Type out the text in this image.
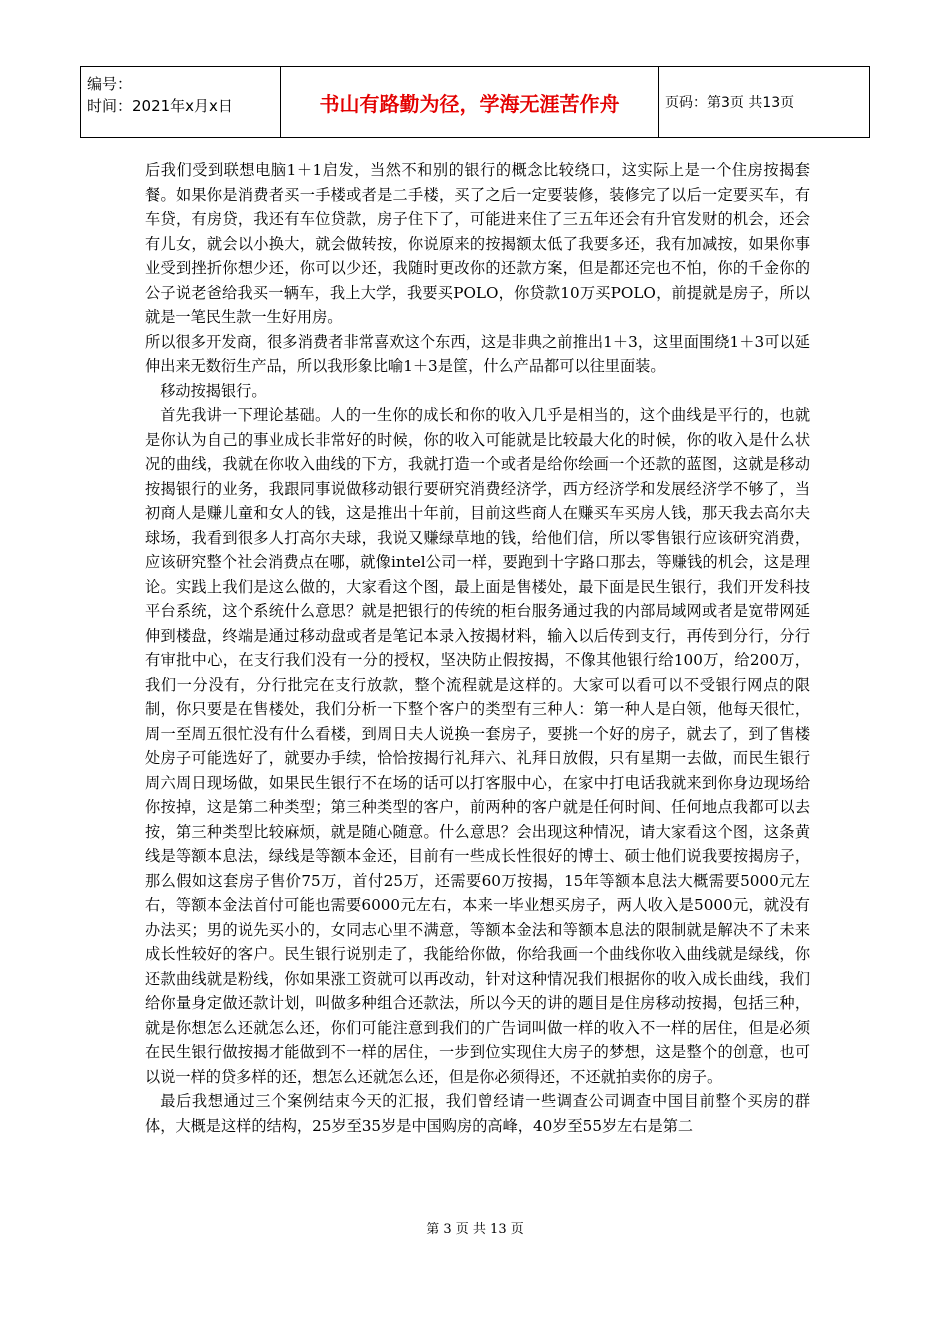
编号：
时间：2021年x月x日	书山有路勤为径，学海无涯苦作舟	页码：第3页 共13页

后我们受到联想电脑1＋1启发，当然不和别的银行的概念比较绕口，这实际上是一个住房按揭套餐。如果你是消费者买一手楼或者是二手楼，买了之后一定要装修，装修完了以后一定要买车，有车贷，有房贷，我还有车位贷款，房子住下了，可能进来住了三五年还会有升官发财的机会，还会有儿女，就会以小换大，就会做转按，你说原来的按揭额太低了我要多还，我有加减按，如果你事业受到挫折你想少还，你可以少还，我随时更改你的还款方案，但是都还完也不怕，你的千金你的公子说老爸给我买一辆车，我上大学，我要买POLO，你贷款10万买POLO，前提就是房子，所以就是一笔民生款一生好用房。

所以很多开发商，很多消费者非常喜欢这个东西，这是非典之前推出1＋3，这里面围绕1＋3可以延伸出来无数衍生产品，所以我形象比喻1＋3是筐，什么产品都可以往里面装。

移动按揭银行。

首先我讲一下理论基础。人的一生你的成长和你的收入几乎是相当的，这个曲线是平行的，也就是你认为自己的事业成长非常好的时候，你的收入可能就是比较最大化的时候，你的收入是什么状况的曲线，我就在你收入曲线的下方，我就打造一个或者是给你绘画一个还款的蓝图，这就是移动按揭银行的业务，我跟同事说做移动银行要研究消费经济学，西方经济学和发展经济学不够了，当初商人是赚儿童和女人的钱，这是推出十年前，目前这些商人在赚买车买房人钱，那天我去高尔夫球场，我看到很多人打高尔夫球，我说又赚绿草地的钱，给他们信，所以零售银行应该研究消费，应该研究整个社会消费点在哪，就像intel公司一样，要跑到十字路口那去，等赚钱的机会，这是理论。实践上我们是这么做的，大家看这个图，最上面是售楼处，最下面是民生银行，我们开发科技平台系统，这个系统什么意思？就是把银行的传统的柜台服务通过我的内部局域网或者是宽带网延伸到楼盘，终端是通过移动盘或者是笔记本录入按揭材料，输入以后传到支行，再传到分行，分行有审批中心，在支行我们没有一分的授权，坚决防止假按揭，不像其他银行给100万，给200万，我们一分没有，分行批完在支行放款，整个流程就是这样的。大家可以看可以不受银行网点的限制，你只要是在售楼处，我们分析一下整个客户的类型有三种人：第一种人是白领，他每天很忙，周一至周五很忙没有什么看楼，到周日夫人说换一套房子，要挑一个好的房子，就去了，到了售楼处房子可能选好了，就要办手续，恰恰按揭行礼拜六、礼拜日放假，只有星期一去做，而民生银行周六周日现场做，如果民生银行不在场的话可以打客服中心，在家中打电话我就来到你身边现场给你按掉，这是第二种类型；第三种类型的客户，前两种的客户就是任何时间、任何地点我都可以去按，第三种类型比较麻烦，就是随心随意。什么意思？会出现这种情况，请大家看这个图，这条黄线是等额本息法，绿线是等额本金还，目前有一些成长性很好的博士、硕士他们说我要按揭房子，那么假如这套房子售价75万，首付25万，还需要60万按揭，15年等额本息法大概需要5000元左右，等额本金法首付可能也需要6000元左右，本来一毕业想买房子，两人收入是5000元，就没有办法买；男的说先买小的，女同志心里不满意，等额本金法和等额本息法的限制就是解决不了未来成长性较好的客户。民生银行说别走了，我能给你做，你给我画一个曲线你收入曲线就是绿线，你还款曲线就是粉线，你如果涨工资就可以再改动，针对这种情况我们根据你的收入成长曲线，我们给你量身定做还款计划，叫做多种组合还款法，所以今天的讲的题目是住房移动按揭，包括三种，就是你想怎么还就怎么还，你们可能注意到我们的广告词叫做一样的收入不一样的居住，但是必须在民生银行做按揭才能做到不一样的居住，一步到位实现住大房子的梦想，这是整个的创意，也可以说一样的贷多样的还，想怎么还就怎么还，但是你必须得还，不还就拍卖你的房子。

最后我想通过三个案例结束今天的汇报，我们曾经请一些调查公司调查中国目前整个买房的群体，大概是这样的结构，25岁至35岁是中国购房的高峰，40岁至55岁左右是第二

第 3 页 共 13 页
